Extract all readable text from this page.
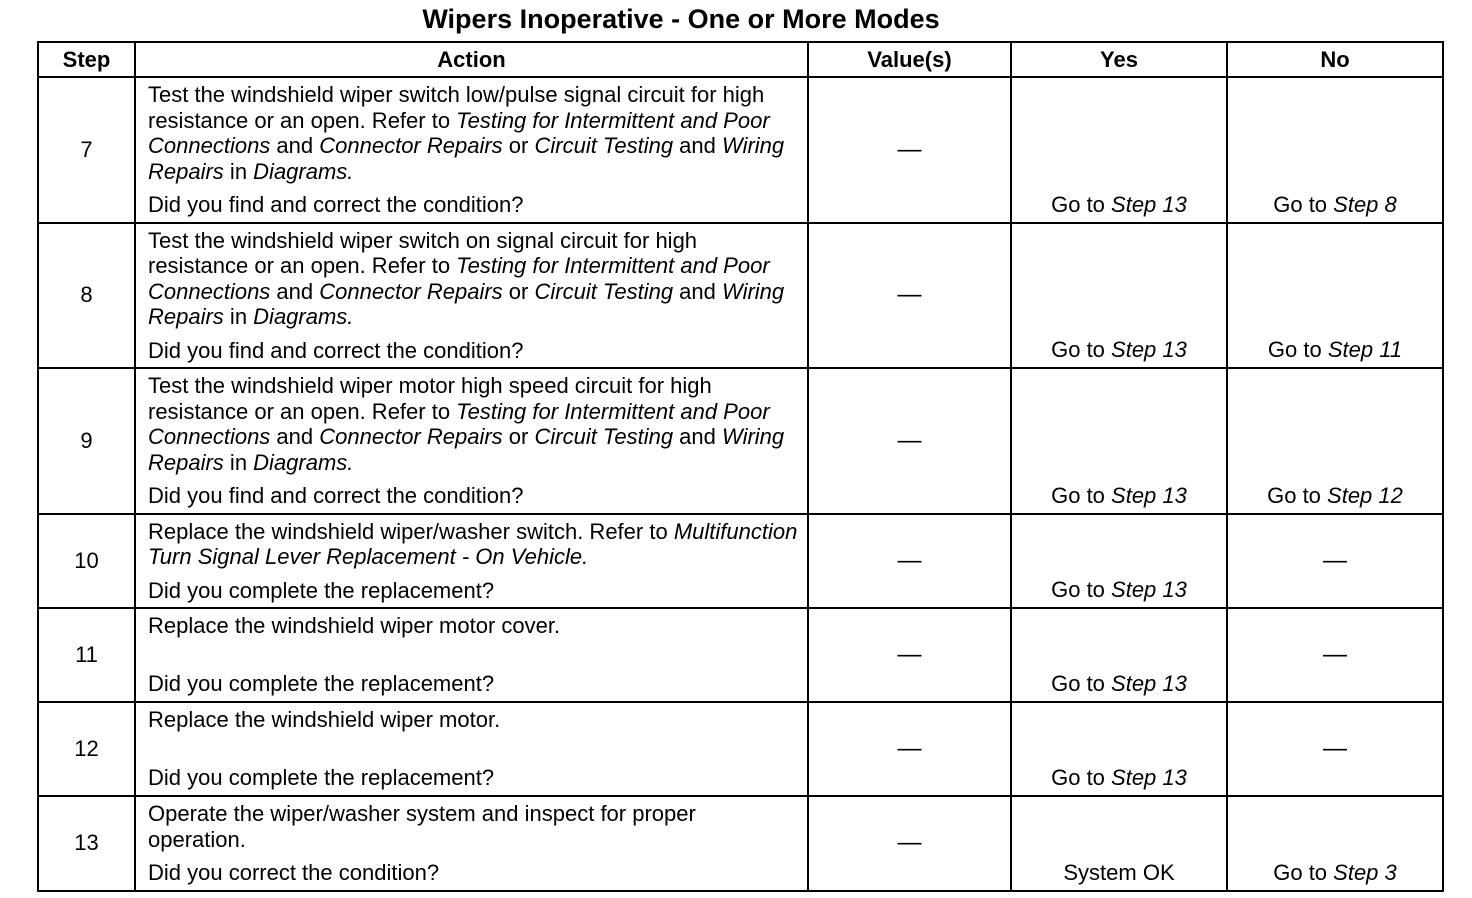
Wipers Inoperative - One or More Modes
Step	Action	Value(s)	Yes	No
7	Test the windshield wiper switch low/pulse signal circuit for high resistance or an open. Refer to Testing for Intermittent and Poor Connections and Connector Repairs or Circuit Testing and Wiring Repairs in Diagrams.
Did you find and correct the condition?	—	Go to Step 13	Go to Step 8
8	Test the windshield wiper switch on signal circuit for high resistance or an open. Refer to Testing for Intermittent and Poor Connections and Connector Repairs or Circuit Testing and Wiring Repairs in Diagrams.
Did you find and correct the condition?	—	Go to Step 13	Go to Step 11
9	Test the windshield wiper motor high speed circuit for high resistance or an open. Refer to Testing for Intermittent and Poor Connections and Connector Repairs or Circuit Testing and Wiring Repairs in Diagrams.
Did you find and correct the condition?	—	Go to Step 13	Go to Step 12
10	Replace the windshield wiper/washer switch. Refer to Multifunction Turn Signal Lever Replacement - On Vehicle.
Did you complete the replacement?	—	Go to Step 13	—
11	Replace the windshield wiper motor cover.
Did you complete the replacement?	—	Go to Step 13	—
12	Replace the windshield wiper motor.
Did you complete the replacement?	—	Go to Step 13	—
13	Operate the wiper/washer system and inspect for proper operation.
Did you correct the condition?	—	System OK	Go to Step 3
